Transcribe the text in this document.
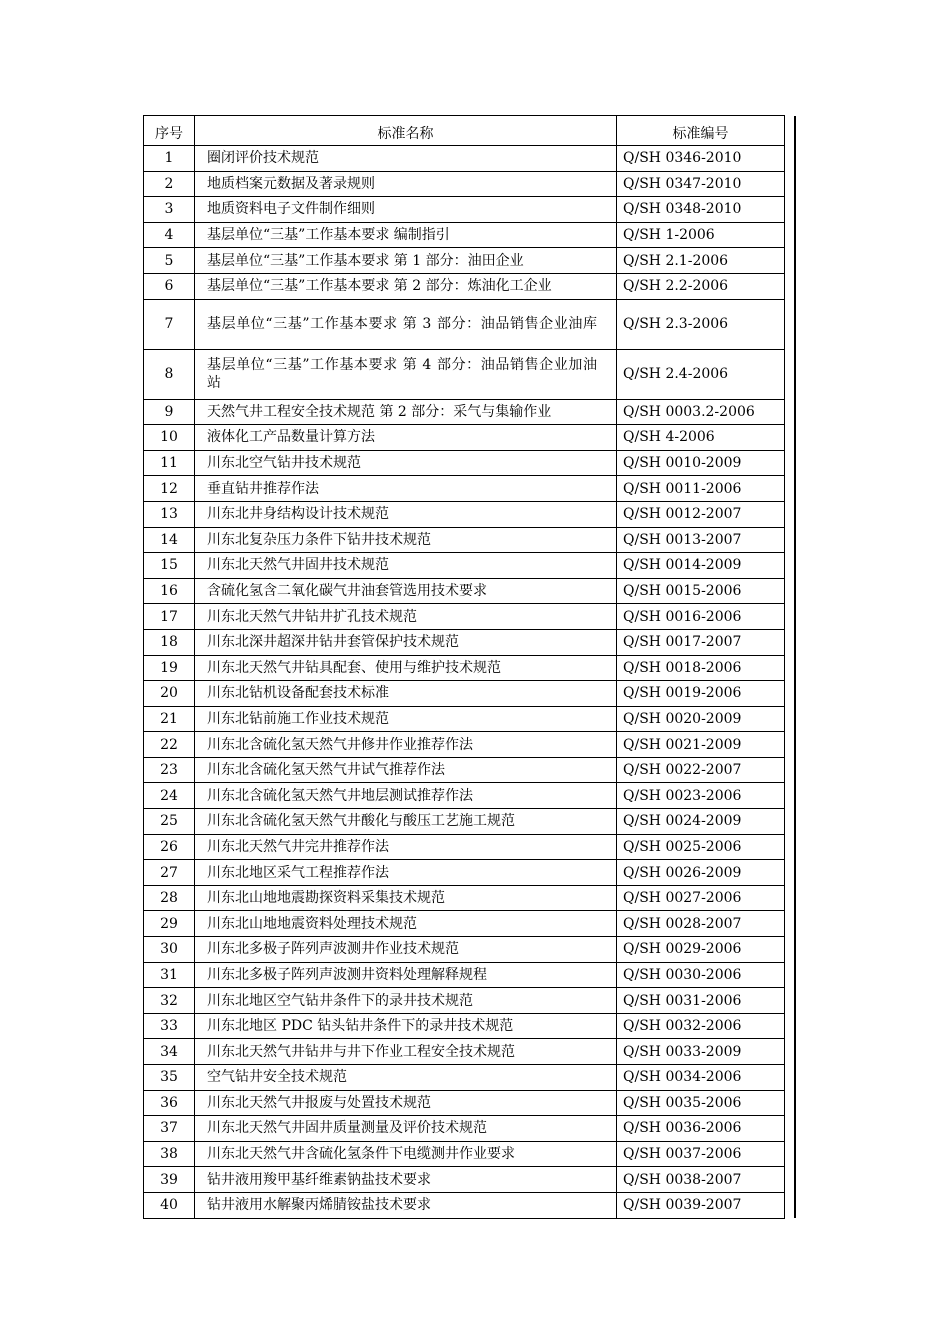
序号	标准名称	标准编号	
1	圈闭评价技术规范	Q/SH 0346-2010	
2	地质档案元数据及著录规则	Q/SH 0347-2010	
3	地质资料电子文件制作细则	Q/SH 0348-2010	
4	基层单位“三基”工作基本要求 编制指引	Q/SH 1-2006	
5	基层单位“三基”工作基本要求 第 1 部分：油田企业	Q/SH 2.1-2006	
6	基层单位“三基”工作基本要求 第 2 部分：炼油化工企业	Q/SH 2.2-2006	
7	基层单位“三基”工作基本要求 第 3 部分：油品销售企业油库	Q/SH 2.3-2006	
8	基层单位“三基”工作基本要求 第 4 部分：油品销售企业加油站	Q/SH 2.4-2006	
9	天然气井工程安全技术规范 第 2 部分：采气与集输作业	Q/SH 0003.2-2006	
10	液体化工产品数量计算方法	Q/SH 4-2006	
11	川东北空气钻井技术规范	Q/SH 0010-2009	
12	垂直钻井推荐作法	Q/SH 0011-2006	
13	川东北井身结构设计技术规范	Q/SH 0012-2007	
14	川东北复杂压力条件下钻井技术规范	Q/SH 0013-2007	
15	川东北天然气井固井技术规范	Q/SH 0014-2009	
16	含硫化氢含二氧化碳气井油套管选用技术要求	Q/SH 0015-2006	
17	川东北天然气井钻井扩孔技术规范	Q/SH 0016-2006	
18	川东北深井超深井钻井套管保护技术规范	Q/SH 0017-2007	
19	川东北天然气井钻具配套、使用与维护技术规范	Q/SH 0018-2006	
20	川东北钻机设备配套技术标准	Q/SH 0019-2006	
21	川东北钻前施工作业技术规范	Q/SH 0020-2009	
22	川东北含硫化氢天然气井修井作业推荐作法	Q/SH 0021-2009	
23	川东北含硫化氢天然气井试气推荐作法	Q/SH 0022-2007	
24	川东北含硫化氢天然气井地层测试推荐作法	Q/SH 0023-2006	
25	川东北含硫化氢天然气井酸化与酸压工艺施工规范	Q/SH 0024-2009	
26	川东北天然气井完井推荐作法	Q/SH 0025-2006	
27	川东北地区采气工程推荐作法	Q/SH 0026-2009	
28	川东北山地地震勘探资料采集技术规范	Q/SH 0027-2006	
29	川东北山地地震资料处理技术规范	Q/SH 0028-2007	
30	川东北多极子阵列声波测井作业技术规范	Q/SH 0029-2006	
31	川东北多极子阵列声波测井资料处理解释规程	Q/SH 0030-2006	
32	川东北地区空气钻井条件下的录井技术规范	Q/SH 0031-2006	
33	川东北地区 PDC 钻头钻井条件下的录井技术规范	Q/SH 0032-2006	
34	川东北天然气井钻井与井下作业工程安全技术规范	Q/SH 0033-2009	
35	空气钻井安全技术规范	Q/SH 0034-2006	
36	川东北天然气井报废与处置技术规范	Q/SH 0035-2006	
37	川东北天然气井固井质量测量及评价技术规范	Q/SH 0036-2006	
38	川东北天然气井含硫化氢条件下电缆测井作业要求	Q/SH 0037-2006	
39	钻井液用羧甲基纤维素钠盐技术要求	Q/SH 0038-2007	
40	钻井液用水解聚丙烯腈铵盐技术要求	Q/SH 0039-2007	
